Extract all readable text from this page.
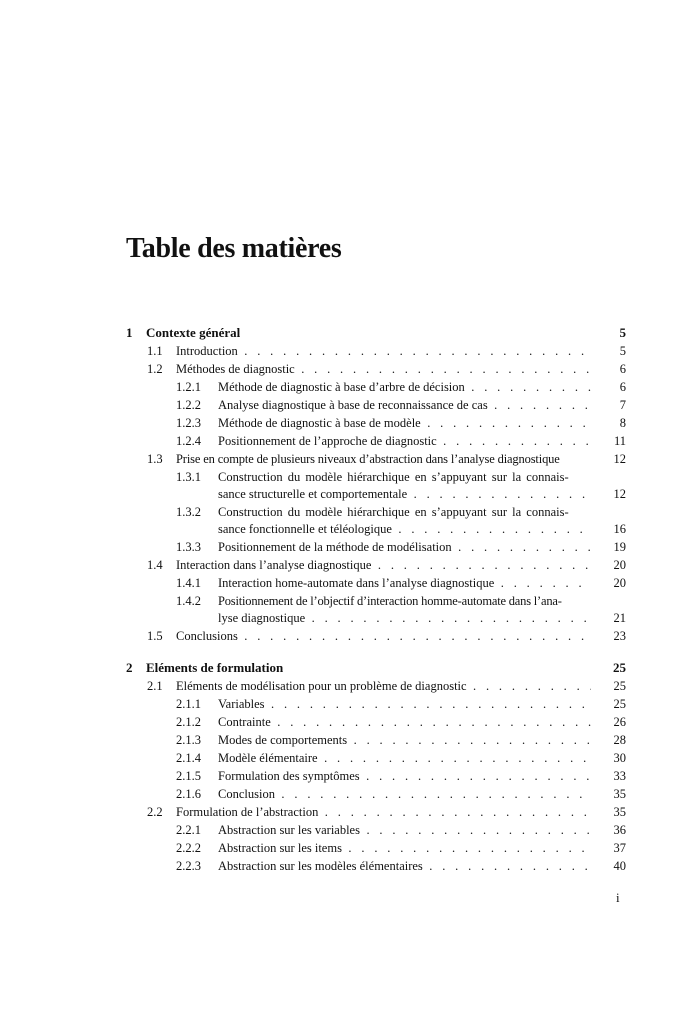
Table des matières
1 Contexte général	5
1.1 Introduction . . .	5
1.2 Méthodes de diagnostic . . .	6
1.2.1 Méthode de diagnostic à base d’arbre de décision . . .	6
1.2.2 Analyse diagnostique à base de reconnaissance de cas . . .	7
1.2.3 Méthode de diagnostic à base de modèle . . .	8
1.2.4 Positionnement de l’approche de diagnostic . . .	11
1.3 Prise en compte de plusieurs niveaux d’abstraction dans l’analyse diagnostique	12
1.3.1 Construction du modèle hiérarchique en s’appuyant sur la connais-
sance structurelle et comportementale . . .	12
1.3.2 Construction du modèle hiérarchique en s’appuyant sur la connais-
sance fonctionnelle et téléologique . . .	16
1.3.3 Positionnement de la méthode de modélisation . . .	19
1.4 Interaction dans l’analyse diagnostique . . .	20
1.4.1 Interaction home-automate dans l’analyse diagnostique . . .	20
1.4.2 Positionnement de l’objectif d’interaction homme-automate dans l’ana-
lyse diagnostique . . .	21
1.5 Conclusions . . .	23
2 Eléments de formulation	25
2.1 Eléments de modélisation pour un problème de diagnostic . . .	25
2.1.1 Variables . . .	25
2.1.2 Contrainte . . .	26
2.1.3 Modes de comportements . . .	28
2.1.4 Modèle élémentaire . . .	30
2.1.5 Formulation des symptômes . . .	33
2.1.6 Conclusion . . .	35
2.2 Formulation de l’abstraction . . .	35
2.2.1 Abstraction sur les variables . . .	36
2.2.2 Abstraction sur les items . . .	37
2.2.3 Abstraction sur les modèles élémentaires . . .	40
i
